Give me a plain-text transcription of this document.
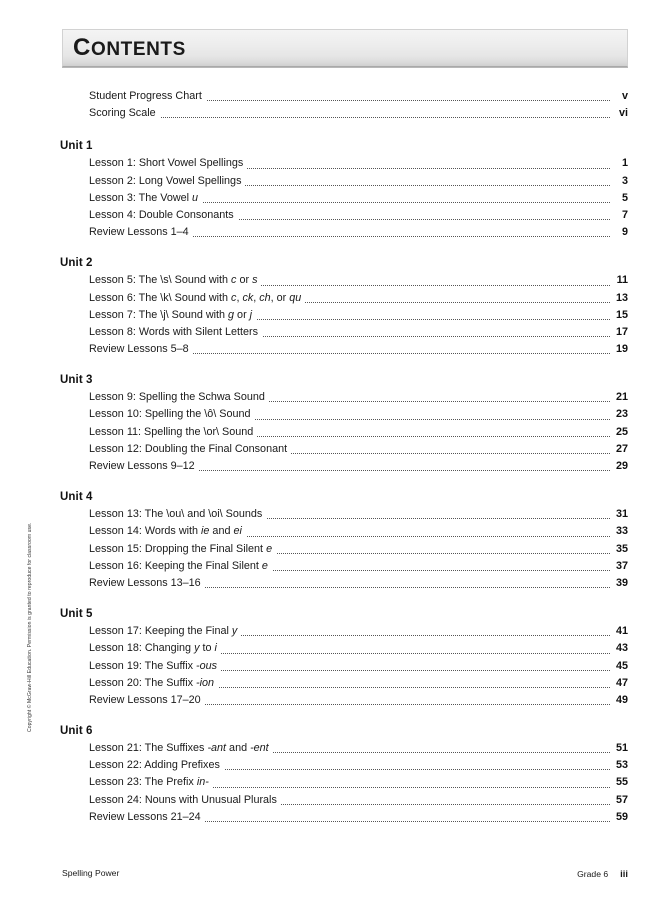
CONTENTS
Student Progress Chart	v
Scoring Scale	vi
Unit 1
Lesson 1: Short Vowel Spellings	1
Lesson 2: Long Vowel Spellings	3
Lesson 3: The Vowel u	5
Lesson 4: Double Consonants	7
Review Lessons 1–4	9
Unit 2
Lesson 5: The \s\ Sound with c or s	11
Lesson 6: The \k\ Sound with c, ck, ch, or qu	13
Lesson 7: The \j\ Sound with g or j	15
Lesson 8: Words with Silent Letters	17
Review Lessons 5–8	19
Unit 3
Lesson 9: Spelling the Schwa Sound	21
Lesson 10: Spelling the \ô\ Sound	23
Lesson 11: Spelling the \or\ Sound	25
Lesson 12: Doubling the Final Consonant	27
Review Lessons 9–12	29
Unit 4
Lesson 13: The \ou\ and \oi\ Sounds	31
Lesson 14: Words with ie and ei	33
Lesson 15: Dropping the Final Silent e	35
Lesson 16: Keeping the Final Silent e	37
Review Lessons 13–16	39
Unit 5
Lesson 17: Keeping the Final y	41
Lesson 18: Changing y to i	43
Lesson 19: The Suffix -ous	45
Lesson 20: The Suffix -ion	47
Review Lessons 17–20	49
Unit 6
Lesson 21: The Suffixes -ant and -ent	51
Lesson 22: Adding Prefixes	53
Lesson 23: The Prefix in-	55
Lesson 24: Nouns with Unusual Plurals	57
Review Lessons 21–24	59
Copyright © McGraw-Hill Education. Permission is granted to reproduce for classroom use.
Spelling Power	Grade 6 iii
